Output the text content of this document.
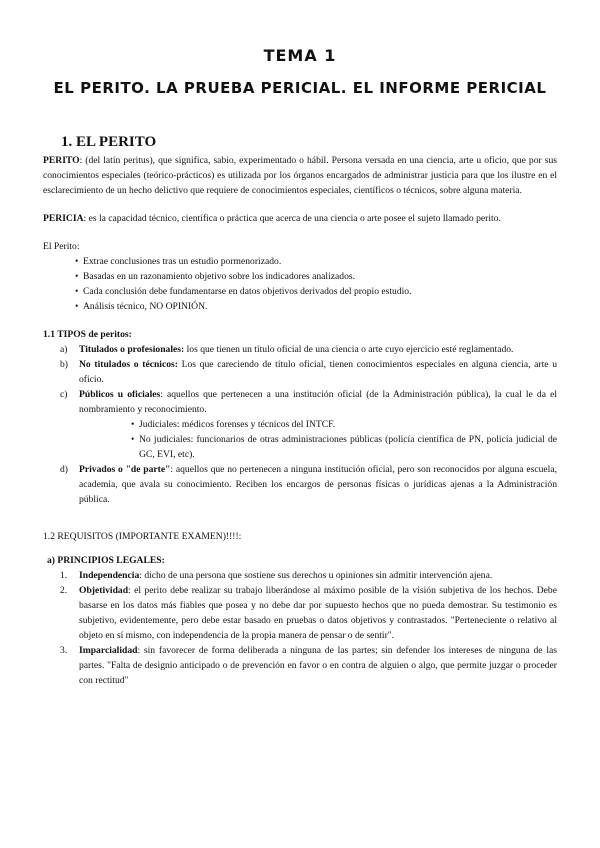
TEMA 1
EL PERITO. LA PRUEBA PERICIAL. EL INFORME PERICIAL
1. EL PERITO

PERITO: (del latín peritus), que significa, sabio, experimentado o hábil. Persona versada en una ciencia, arte u oficio, que por sus conocimientos especiales (teórico-prácticos) es utilizada por los órganos encargados de administrar justicia para que los ilustre en el esclarecimiento de un hecho delictivo que requiere de conocimientos especiales, científicos o técnicos, sobre alguna materia.

PERICIA: es la capacidad técnico, científica o práctica que acerca de una ciencia o arte posee el sujeto llamado perito.

El Perito:

• Extrae conclusiones tras un estudio pormenorizado.
• Basadas en un razonamiento objetivo sobre los indicadores analizados.
• Cada conclusión debe fundamentarse en datos objetivos derivados del propio estudio.
• Análisis técnico, NO OPINIÓN.

1.1 TIPOS de peritos:

a) Titulados o profesionales: los que tienen un título oficial de una ciencia o arte cuyo ejercicio esté reglamentado.
b) No titulados o técnicos: Los que careciendo de título oficial, tienen conocimientos especiales en alguna ciencia, arte u oficio.
c) Públicos u oficiales: aquellos que pertenecen a una institución oficial (de la Administración pública), la cual le da el nombramiento y reconocimiento.
• Judiciales: médicos forenses y técnicos del INTCF.
• No judiciales: funcionarios de otras administraciones públicas (policía científica de PN, policía judicial de GC, EVI, etc).
d) Privados o "de parte": aquellos que no pertenecen a ninguna institución oficial, pero son reconocidos por alguna escuela, academia, que avala su conocimiento. Reciben los encargos de personas físicas o jurídicas ajenas a la Administración pública.

1.2 REQUISITOS (IMPORTANTE EXAMEN)!!!!:

a) PRINCIPIOS LEGALES:

1. Independencia: dicho de una persona que sostiene sus derechos u opiniones sin admitir intervención ajena.
2. Objetividad: el perito debe realizar su trabajo liberándose al máximo posible de la visión subjetiva de los hechos. Debe basarse en los datos más fiables que posea y no debe dar por supuesto hechos que no pueda demostrar. Su testimonio es subjetivo, evidentemente, pero debe estar basado en pruebas o datos objetivos y contrastados. "Perteneciente o relativo al objeto en sí mismo, con independencia de la propia manera de pensar o de sentir".
3. Imparcialidad: sin favorecer de forma deliberada a ninguna de las partes; sin defender los intereses de ninguna de las partes. "Falta de designio anticipado o de prevención en favor o en contra de alguien o algo, que permite juzgar o proceder con rectitud"
